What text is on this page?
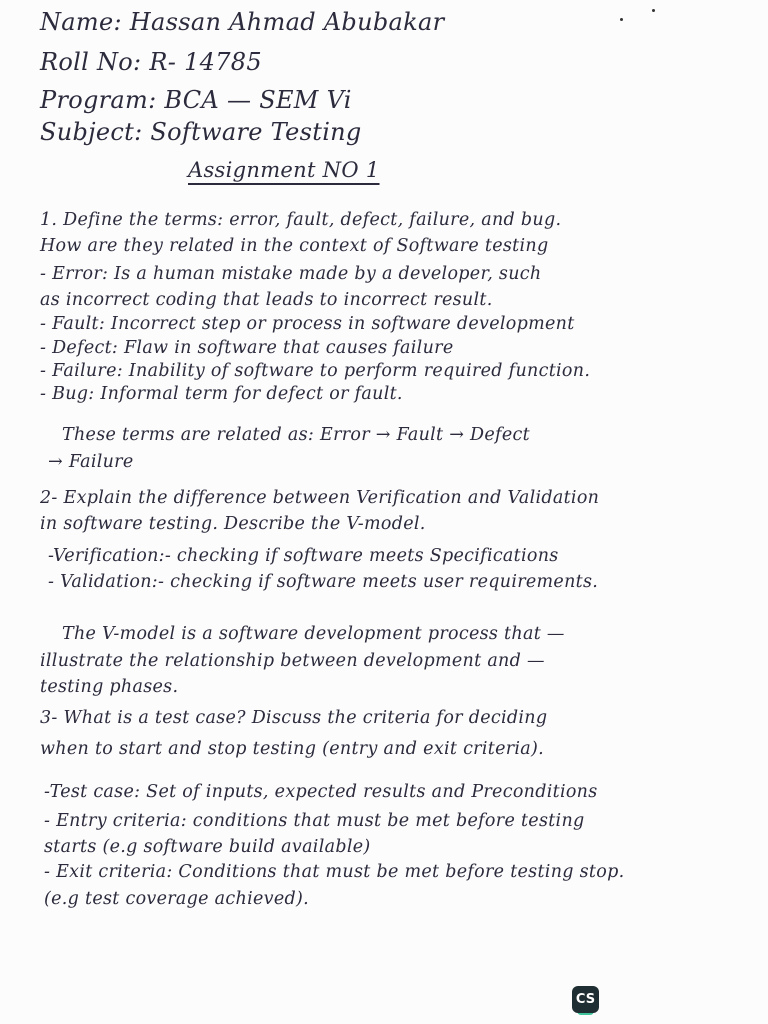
Name: Hassan Ahmad Abubakar
Roll No: R- 14785
Program: BCA — SEM Vi
Subject: Software Testing
Assignment NO 1
1. Define the terms: error, fault, defect, failure, and bug.
How are they related in the context of Software testing
- Error: Is a human mistake made by a developer, such
as incorrect coding that leads to incorrect result.
- Fault: Incorrect step or process in software development
- Defect: Flaw in software that causes failure
- Failure: Inability of software to perform required function.
- Bug: Informal term for defect or fault.
These terms are related as: Error → Fault → Defect
→ Failure
2- Explain the difference between Verification and Validation
in software testing. Describe the V-model.
-Verification:- checking if software meets Specifications
- Validation:- checking if software meets user requirements.
The V-model is a software development process that —
illustrate the relationship between development and —
testing phases.
3- What is a test case? Discuss the criteria for deciding
when to start and stop testing (entry and exit criteria).
-Test case: Set of inputs, expected results and Preconditions
- Entry criteria: conditions that must be met before testing
starts (e.g software build available)
- Exit criteria: Conditions that must be met before testing stop.
(e.g test coverage achieved).
CS
